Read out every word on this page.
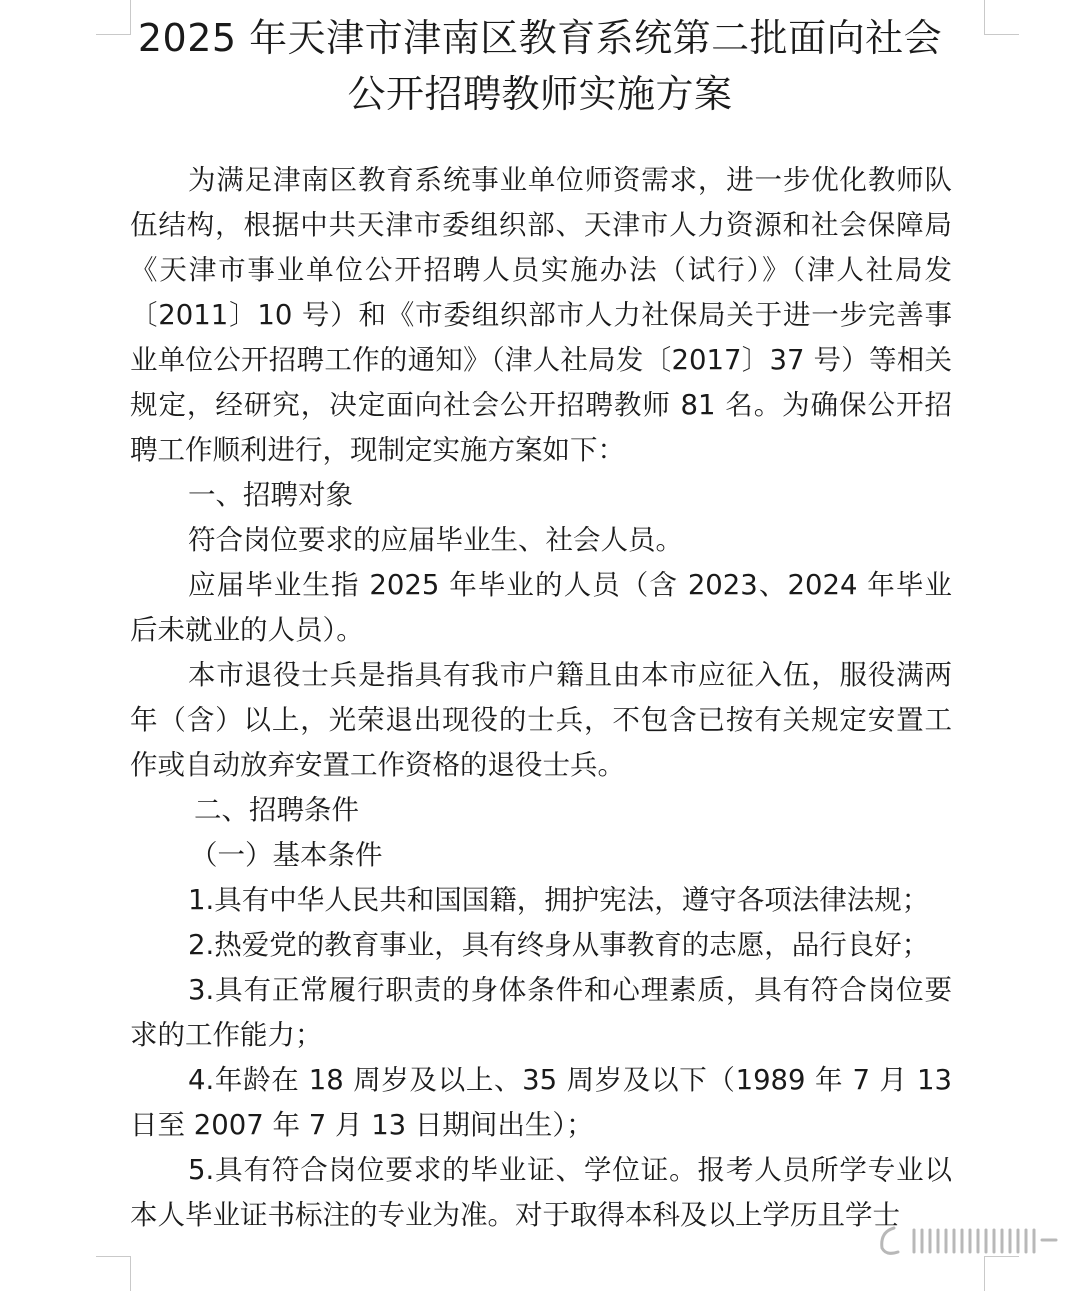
2025 年天津市津南区教育系统第二批面向社会
公开招聘教师实施方案

为满足津南区教育系统事业单位师资需求，进一步优化教师队伍结构，根据中共天津市委组织部、天津市人力资源和社会保障局《天津市事业单位公开招聘人员实施办法（试行）》（津人社局发〔2011〕10 号）和《市委组织部市人力社保局关于进一步完善事业单位公开招聘工作的通知》（津人社局发〔2017〕37 号）等相关规定，经研究，决定面向社会公开招聘教师 81 名。为确保公开招聘工作顺利进行，现制定实施方案如下：

一、招聘对象

符合岗位要求的应届毕业生、社会人员。

应届毕业生指 2025 年毕业的人员（含 2023、2024 年毕业后未就业的人员）。

本市退役士兵是指具有我市户籍且由本市应征入伍，服役满两年（含）以上，光荣退出现役的士兵，不包含已按有关规定安置工作或自动放弃安置工作资格的退役士兵。

二、招聘条件

（一）基本条件

1.具有中华人民共和国国籍，拥护宪法，遵守各项法律法规；

2.热爱党的教育事业，具有终身从事教育的志愿，品行良好；

3.具有正常履行职责的身体条件和心理素质，具有符合岗位要求的工作能力；

4.年龄在 18 周岁及以上、35 周岁及以下（1989 年 7 月 13 日至 2007 年 7 月 13 日期间出生）；

5.具有符合岗位要求的毕业证、学位证。报考人员所学专业以本人毕业证书标注的专业为准。对于取得本科及以上学历且学士
